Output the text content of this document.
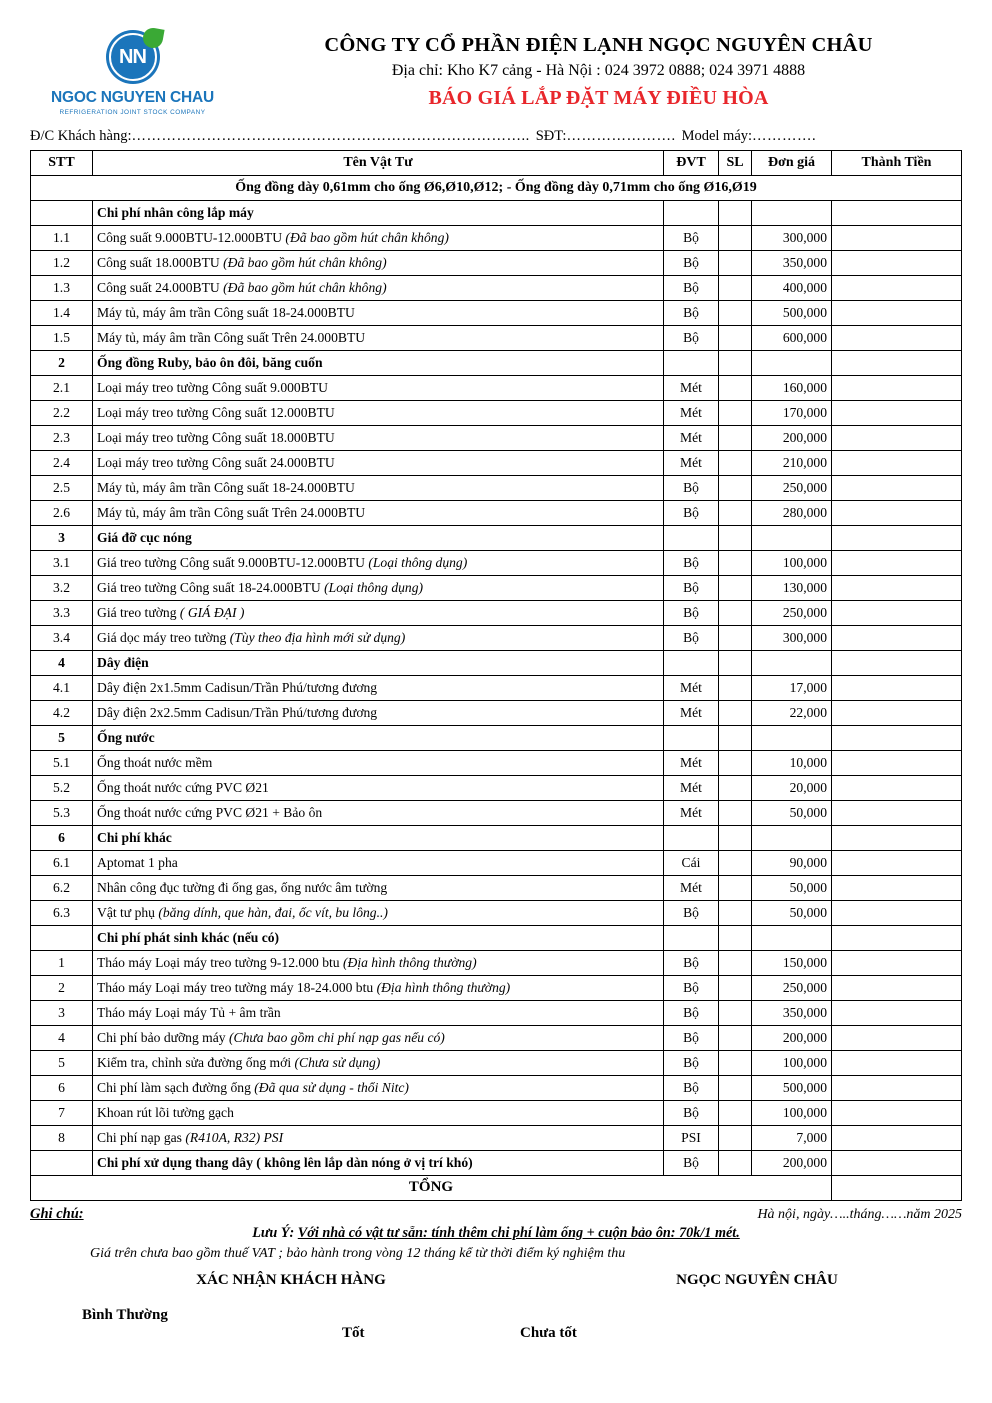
NN
NGOC NGUYEN CHAU
REFRIGERATION JOINT STOCK COMPANY
CÔNG TY CỔ PHẦN ĐIỆN LẠNH NGỌC NGUYÊN CHÂU
Địa chỉ: Kho K7 cảng - Hà Nội : 024 3972 0888; 024 3971 4888
BÁO GIÁ LẮP ĐẶT MÁY ĐIỀU HÒA
Đ/C Khách hàng: …………………………………………………………………….. SĐT: …………………. Model máy: ………….
STT	Tên Vật Tư	ĐVT	SL	Đơn giá	Thành Tiền
Ống đồng dày 0,61mm cho ống Ø6,Ø10,Ø12; - Ống đồng dày 0,71mm cho ống Ø16,Ø19					
	Chi phí nhân công lắp máy				
1.1	Công suất 9.000BTU-12.000BTU (Đã bao gồm hút chân không)	Bộ		300,000	
1.2	Công suất 18.000BTU (Đã bao gồm hút chân không)	Bộ		350,000	
1.3	Công suất 24.000BTU (Đã bao gồm hút chân không)	Bộ		400,000	
1.4	Máy tủ, máy âm trần Công suất 18-24.000BTU	Bộ		500,000	
1.5	Máy tủ, máy âm trần Công suất Trên 24.000BTU	Bộ		600,000	
2	Ống đồng Ruby, bảo ôn đôi, băng cuốn				
2.1	Loại máy treo tường Công suất 9.000BTU	Mét		160,000	
2.2	Loại máy treo tường Công suất 12.000BTU	Mét		170,000	
2.3	Loại máy treo tường Công suất 18.000BTU	Mét		200,000	
2.4	Loại máy treo tường Công suất 24.000BTU	Mét		210,000	
2.5	Máy tủ, máy âm trần Công suất 18-24.000BTU	Bộ		250,000	
2.6	Máy tủ, máy âm trần Công suất Trên 24.000BTU	Bộ		280,000	
3	Giá đỡ cục nóng				
3.1	Giá treo tường Công suất 9.000BTU-12.000BTU (Loại thông dụng)	Bộ		100,000	
3.2	Giá treo tường Công suất 18-24.000BTU (Loại thông dụng)	Bộ		130,000	
3.3	Giá treo tường ( GIÁ ĐẠI )	Bộ		250,000	
3.4	Giá dọc máy treo tường (Tùy theo địa hình mới sử dụng)	Bộ		300,000	
4	Dây điện				
4.1	Dây điện 2x1.5mm Cadisun/Trần Phú/tương đương	Mét		17,000	
4.2	Dây điện 2x2.5mm Cadisun/Trần Phú/tương đương	Mét		22,000	
5	Ống nước				
5.1	Ống thoát nước mềm	Mét		10,000	
5.2	Ống thoát nước cứng PVC Ø21	Mét		20,000	
5.3	Ống thoát nước cứng PVC Ø21 + Bảo ôn	Mét		50,000	
6	Chi phí khác				
6.1	Aptomat 1 pha	Cái		90,000	
6.2	Nhân công đục tường đi ống gas, ống nước âm tường	Mét		50,000	
6.3	Vật tư phụ (băng dính, que hàn, đai, ốc vít, bu lông..)	Bộ		50,000	
	Chi phí phát sinh khác (nếu có)				
1	Tháo máy Loại máy treo tường 9-12.000 btu (Địa hình thông thường)	Bộ		150,000	
2	Tháo máy Loại máy treo tường máy 18-24.000 btu (Địa hình thông thường)	Bộ		250,000	
3	Tháo máy Loại máy Tủ + âm trần	Bộ		350,000	
4	Chi phí bảo dưỡng máy (Chưa bao gồm chi phí nạp gas nếu có)	Bộ		200,000	
5	Kiểm tra, chỉnh sửa đường ống mới (Chưa sử dụng)	Bộ		100,000	
6	Chi phí làm sạch đường ống (Đã qua sử dụng - thổi Nitc)	Bộ		500,000	
7	Khoan rút lõi tường gạch	Bộ		100,000	
8	Chi phí nạp gas (R410A, R32) PSI	PSI		7,000	
	Chi phí xử dụng thang dây ( không lên lắp dàn nóng ở vị trí khó)	Bộ		200,000	
TỔNG					
Ghi chú:	Hà nội, ngày…..tháng……năm 2025
Lưu Ý: Với nhà có vật tư sẵn: tính thêm chi phí làm ống + cuộn bảo ôn: 70k/1 mét.
Giá trên chưa bao gồm thuế VAT ; bảo hành trong vòng 12 tháng kể từ thời điểm ký nghiệm thu
XÁC NHẬN KHÁCH HÀNG	NGỌC NGUYÊN CHÂU
Bình Thường
Tốt	Chưa tốt
